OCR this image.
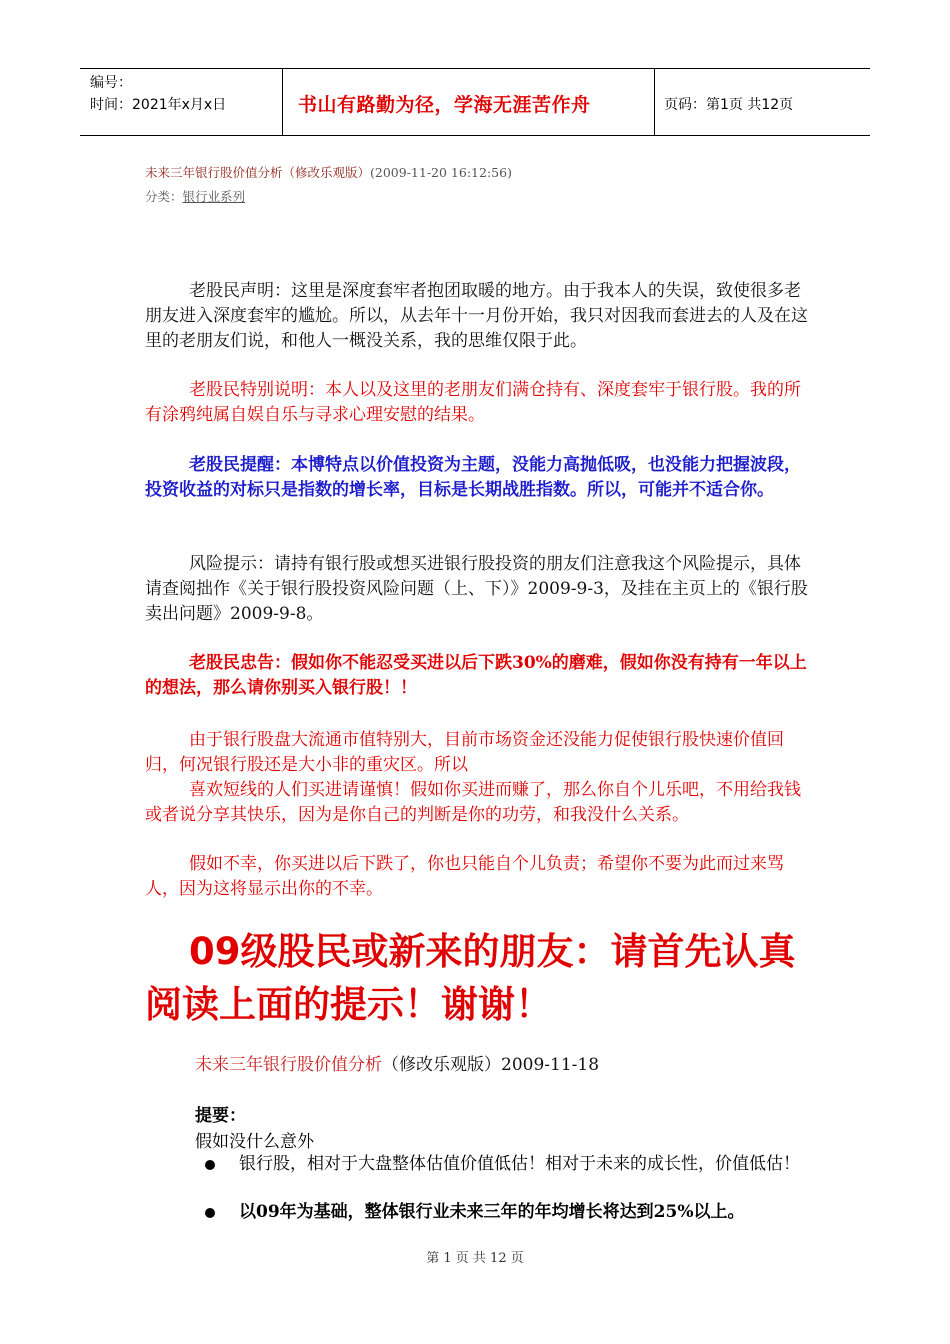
编号：
时间：2021年x月x日	书山有路勤为径，学海无涯苦作舟	页码：第1页 共12页
未来三年银行股价值分析（修改乐观版）(2009-11-20 16:12:56)
分类：银行业系列
老股民声明：这里是深度套牢者抱团取暖的地方。由于我本人的失误，致使很多老朋友进入深度套牢的尴尬。所以，从去年十一月份开始，我只对因我而套进去的人及在这里的老朋友们说，和他人一概没关系，我的思维仅限于此。
老股民特别说明：本人以及这里的老朋友们满仓持有、深度套牢于银行股。我的所有涂鸦纯属自娱自乐与寻求心理安慰的结果。
老股民提醒：本博特点以价值投资为主题，没能力高抛低吸，也没能力把握波段，投资收益的对标只是指数的增长率，目标是长期战胜指数。所以，可能并不适合你。
风险提示：请持有银行股或想买进银行股投资的朋友们注意我这个风险提示，具体请查阅拙作《关于银行股投资风险问题（上、下）》2009-9-3，及挂在主页上的《银行股卖出问题》2009-9-8。
老股民忠告：假如你不能忍受买进以后下跌30%的磨难，假如你没有持有一年以上的想法，那么请你别买入银行股！！
由于银行股盘大流通市值特别大，目前市场资金还没能力促使银行股快速价值回归，何况银行股还是大小非的重灾区。所以
喜欢短线的人们买进请谨慎！假如你买进而赚了，那么你自个儿乐吧，不用给我钱或者说分享其快乐，因为是你自己的判断是你的功劳，和我没什么关系。
假如不幸，你买进以后下跌了，你也只能自个儿负责；希望你不要为此而过来骂人，因为这将显示出你的不幸。
09级股民或新来的朋友：请首先认真阅读上面的提示！谢谢！
未来三年银行股价值分析（修改乐观版）2009-11-18
提要：
假如没什么意外
银行股，相对于大盘整体估值价值低估！相对于未来的成长性，价值低估！
以09年为基础，整体银行业未来三年的年均增长将达到25%以上。
第 1 页 共 12 页
